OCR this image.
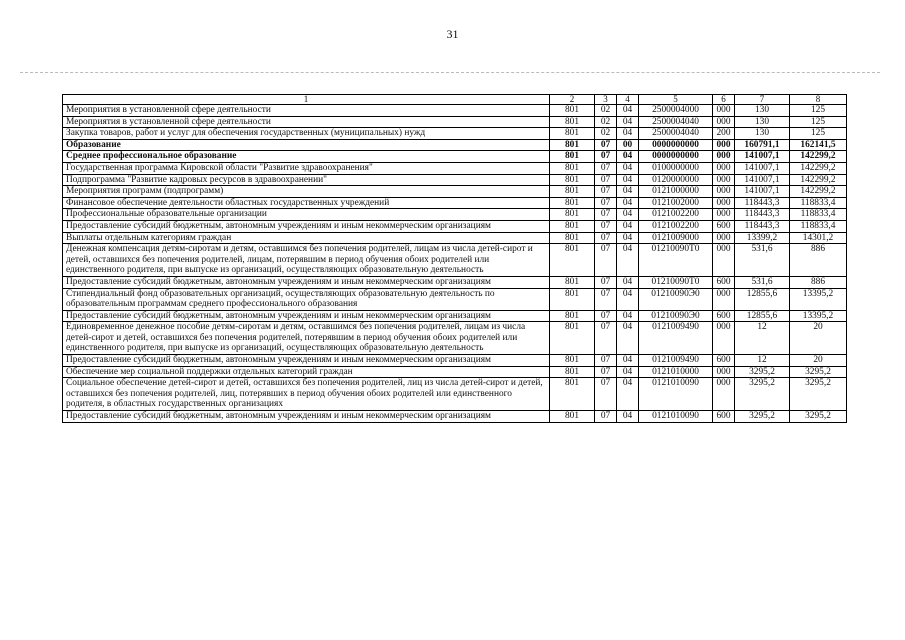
31
1	2	3	4	5	6	7	8
Мероприятия в установленной сфере деятельности	801	02	04	2500004000	000	130	125
Мероприятия в установленной сфере деятельности	801	02	04	2500004040	000	130	125
Закупка товаров, работ и услуг для обеспечения государственных (муниципальных) нужд	801	02	04	2500004040	200	130	125
Образование	801	07	00	0000000000	000	160791,1	162141,5
Среднее профессиональное образование	801	07	04	0000000000	000	141007,1	142299,2
Государственная программа Кировской области "Развитие здравоохранения"	801	07	04	0100000000	000	141007,1	142299,2
Подпрограмма "Развитие кадровых ресурсов в здравоохранении"	801	07	04	0120000000	000	141007,1	142299,2
Мероприятия программ (подпрограмм)	801	07	04	0121000000	000	141007,1	142299,2
Финансовое обеспечение деятельности областных государственных учреждений	801	07	04	0121002000	000	118443,3	118833,4
Профессиональные образовательные организации	801	07	04	0121002200	000	118443,3	118833,4
Предоставление субсидий бюджетным, автономным учреждениям и иным некоммерческим организациям	801	07	04	0121002200	600	118443,3	118833,4
Выплаты отдельным категориям граждан	801	07	04	0121009000	000	13399,2	14301,2
Денежная компенсация детям-сиротам и детям, оставшимся без попечения родителей, лицам из числа детей-сирот и детей, оставшихся без попечения родителей, лицам, потерявшим в период обучения обоих родителей или единственного родителя, при выпуске из организаций, осуществляющих образовательную деятельность	801	07	04	01210090Т0	000	531,6	886
Предоставление субсидий бюджетным, автономным учреждениям и иным некоммерческим организациям	801	07	04	01210090Т0	600	531,6	886
Стипендиальный фонд образовательных организаций, осуществляющих образовательную деятельность по образовательным программам среднего профессионального образования	801	07	04	01210090Э0	000	12855,6	13395,2
Предоставление субсидий бюджетным, автономным учреждениям и иным некоммерческим организациям	801	07	04	01210090Э0	600	12855,6	13395,2
Единовременное денежное пособие детям-сиротам и детям, оставшимся без попечения родителей, лицам из числа детей-сирот и детей, оставшихся без попечения родителей, потерявшим в период обучения обоих родителей или единственного родителя, при выпуске из организаций, осуществляющих образовательную деятельность	801	07	04	0121009490	000	12	20
Предоставление субсидий бюджетным, автономным учреждениям и иным некоммерческим организациям	801	07	04	0121009490	600	12	20
Обеспечение мер социальной поддержки отдельных категорий граждан	801	07	04	0121010000	000	3295,2	3295,2
Социальное обеспечение детей-сирот и детей, оставшихся без попечения родителей, лиц из числа детей-сирот и детей, оставшихся без попечения родителей, лиц, потерявших в период обучения обоих родителей или единственного родителя, в областных государственных организациях	801	07	04	0121010090	000	3295,2	3295,2
Предоставление субсидий бюджетным, автономным учреждениям и иным некоммерческим организациям	801	07	04	0121010090	600	3295,2	3295,2
